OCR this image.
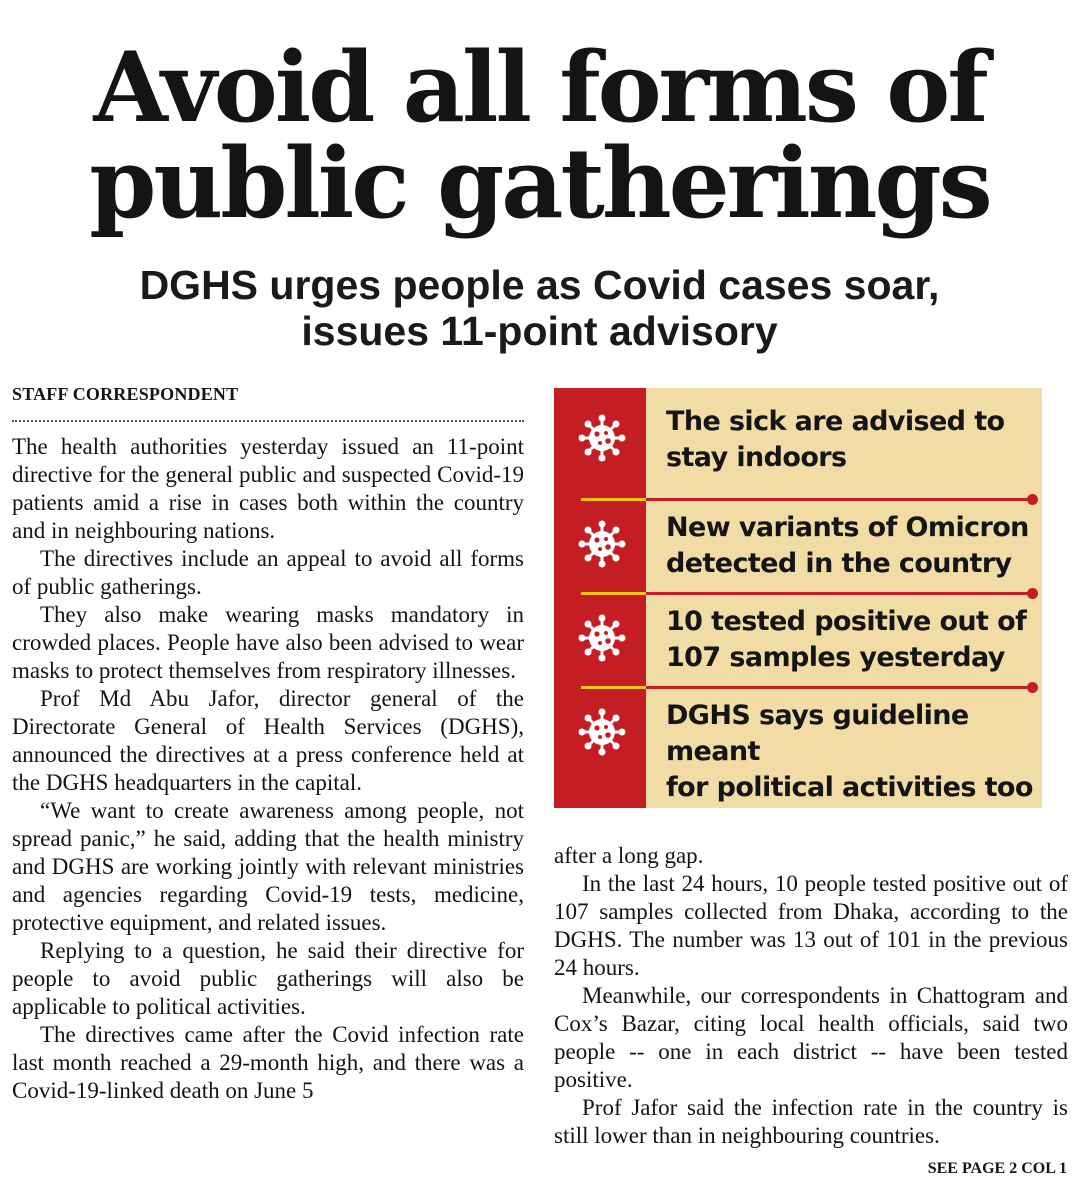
Avoid all forms of
public gatherings
DGHS urges people as Covid cases soar,
issues 11-point advisory
STAFF CORRESPONDENT

The health authorities yesterday issued an 11-point directive for the general public and suspected Covid-19 patients amid a rise in cases both within the country and in neighbouring nations.

The directives include an appeal to avoid all forms of public gatherings.

They also make wearing masks mandatory in crowded places. People have also been advised to wear masks to protect themselves from respiratory illnesses.

Prof Md Abu Jafor, director general of the Directorate General of Health Services (DGHS), announced the directives at a press conference held at the DGHS headquarters in the capital.

“We want to create awareness among people, not spread panic,” he said, adding that the health ministry and DGHS are working jointly with relevant ministries and agencies regarding Covid-19 tests, medicine, protective equipment, and related issues.

Replying to a question, he said their directive for people to avoid public gatherings will also be applicable to political activities.

The directives came after the Covid infection rate last month reached a 29-month high, and there was a Covid-19-linked death on June 5

The sick are advised to
stay indoors
New variants of Omicron
detected in the country
10 tested positive out of
107 samples yesterday
DGHS says guideline meant
for political activities too

after a long gap.

In the last 24 hours, 10 people tested positive out of 107 samples collected from Dhaka, according to the DGHS. The number was 13 out of 101 in the previous 24 hours.

Meanwhile, our correspondents in Chattogram and Cox’s Bazar, citing local health officials, said two people -- one in each district -- have been tested positive.

Prof Jafor said the infection rate in the country is still lower than in neighbouring countries.

SEE PAGE 2 COL 1
